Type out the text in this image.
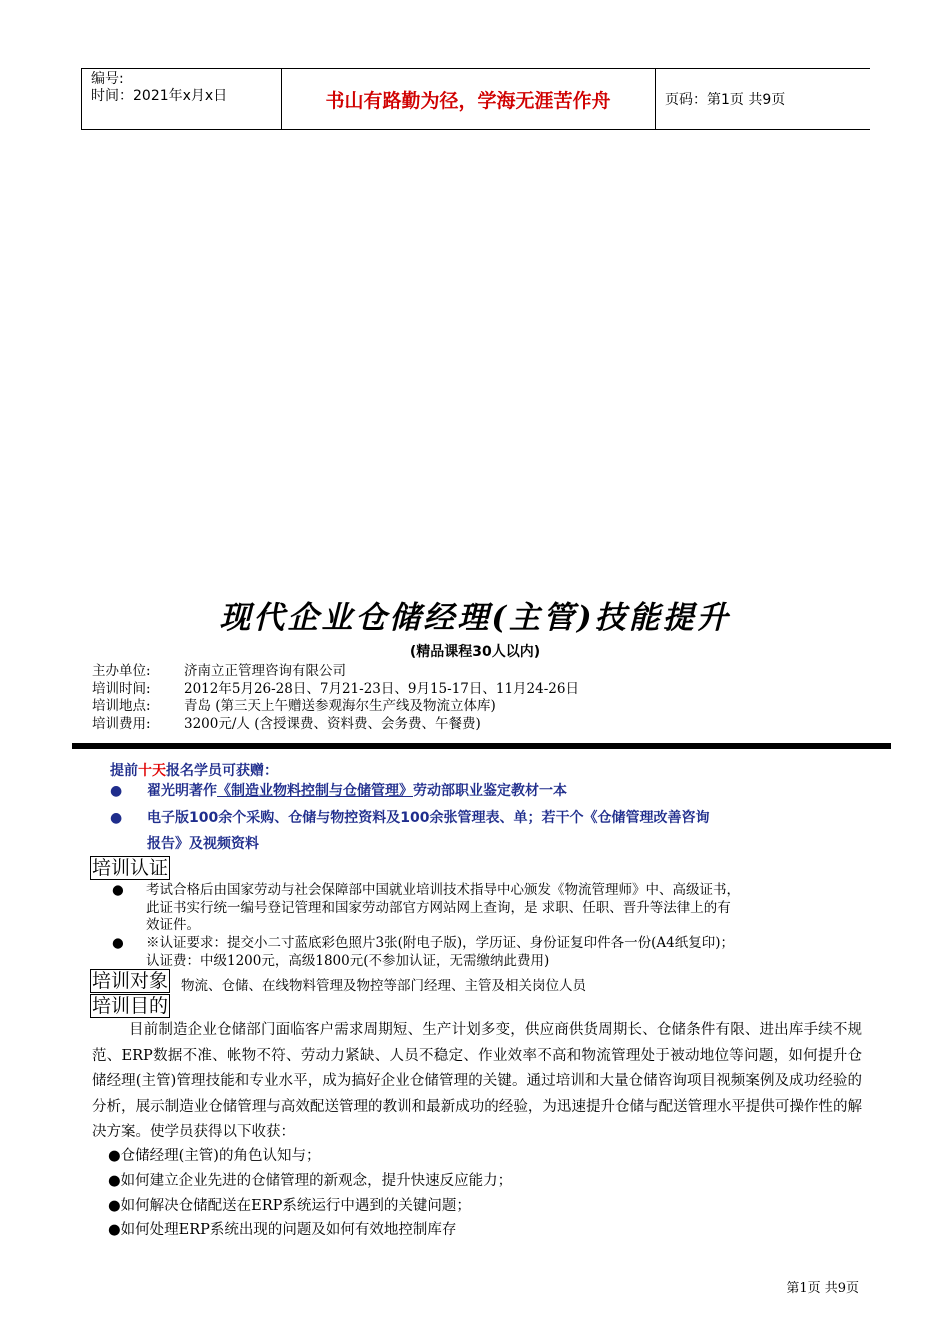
编号:
时间：2021年x月x日	书山有路勤为径，学海无涯苦作舟	页码：第1页 共9页
现代企业仓储经理(主管)技能提升
(精品课程30人以内)
主办单位:	济南立正管理咨询有限公司
培训时间:	2012年5月26-28日、7月21-23日、9月15-17日、11月24-26日
培训地点:	青岛 (第三天上午赠送参观海尔生产线及物流立体库)
培训费用:	3200元/人 (含授课费、资料费、会务费、午餐费)
提前十天报名学员可获赠：
● 翟光明著作《制造业物料控制与仓储管理》劳动部职业鉴定教材一本
● 电子版100余个采购、仓储与物控资料及100余张管理表、单；若干个《仓储管理改善咨询
报告》及视频资料
培训认证
● 考试合格后由国家劳动与社会保障部中国就业培训技术指导中心颁发《物流管理师》中、高级证书，
此证书实行统一编号登记管理和国家劳动部官方网站网上查询，是 求职、任职、晋升等法律上的有
效证件。
● ※认证要求：提交小二寸蓝底彩色照片3张(附电子版)，学历证、身份证复印件各一份(A4纸复印)；
认证费：中级1200元，高级1800元(不参加认证，无需缴纳此费用)
培训对象 物流、仓储、在线物料管理及物控等部门经理、主管及相关岗位人员
培训目的
目前制造企业仓储部门面临客户需求周期短、生产计划多变，供应商供货周期长、仓储条件有限、进出库手续不规范、ERP数据不准、帐物不符、劳动力紧缺、人员不稳定、作业效率不高和物流管理处于被动地位等问题，如何提升仓储经理(主管)管理技能和专业水平，成为搞好企业仓储管理的关键。通过培训和大量仓储咨询项目视频案例及成功经验的分析，展示制造业仓储管理与高效配送管理的教训和最新成功的经验，为迅速提升仓储与配送管理水平提供可操作性的解决方案。使学员获得以下收获：
●仓储经理(主管)的角色认知与；
●如何建立企业先进的仓储管理的新观念，提升快速反应能力；
●如何解决仓储配送在ERP系统运行中遇到的关键问题；
●如何处理ERP系统出现的问题及如何有效地控制库存
第1页 共9页
